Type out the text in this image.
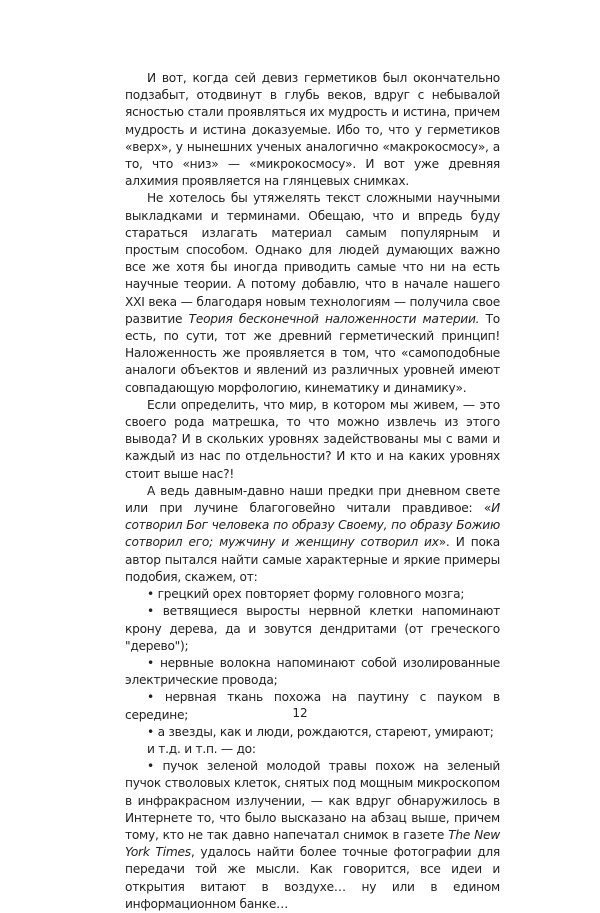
И вот, когда сей девиз герметиков был окончательно подзабыт, отодвинут в глубь веков, вдруг с небывалой ясностью стали проявляться их мудрость и истина, причем мудрость и истина доказуемые. Ибо то, что у герметиков «верх», у нынешних ученых аналогично «макрокосмосу», а то, что «низ» — «микрокосмосу». И вот уже древняя алхимия проявляется на глянцевых снимках.

Не хотелось бы утяжелять текст сложными научными выкладками и терминами. Обещаю, что и впредь буду стараться излагать материал самым популярным и простым способом. Однако для людей думающих важно все же хотя бы иногда приводить самые что ни на есть научные теории. А потому добавлю, что в начале нашего XXI века — благодаря новым технологиям — получила свое развитие Теория бесконечной наложенности материи. То есть, по сути, тот же древний герметический принцип! Наложенность же проявляется в том, что «самоподобные аналоги объектов и явлений из различных уровней имеют совпадающую морфологию, кинематику и динамику».

Если определить, что мир, в котором мы живем, — это своего рода матрешка, то что можно извлечь из этого вывода? И в скольких уровнях задействованы мы с вами и каждый из нас по отдельности? И кто и на каких уровнях стоит выше нас?!

А ведь давным-давно наши предки при дневном свете или при лучине благоговейно читали правдивое: «И сотворил Бог человека по образу Своему, по образу Божию сотворил его; мужчину и женщину сотворил их». И пока автор пытался найти самые характерные и яркие примеры подобия, скажем, от:

• грецкий орех повторяет форму головного мозга;

• ветвящиеся выросты нервной клетки напоминают крону дерева, да и зовутся дендритами (от греческого "дерево");

• нервные волокна напоминают собой изолированные электрические провода;

• нервная ткань похожа на паутину с пауком в середине;

• а звезды, как и люди, рождаются, стареют, умирают;

и т.д. и т.п. — до:

• пучок зеленой молодой травы похож на зеленый пучок стволовых клеток, снятых под мощным микроскопом в инфракрасном излучении, — как вдруг обнаружилось в Интернете то, что было высказано на абзац выше, причем тому, кто не так давно напечатал снимок в газете The New York Times, удалось найти более точные фотографии для передачи той же мысли. Как говорится, все идеи и открытия витают в воздухе… ну или в едином информационном банке…

12
